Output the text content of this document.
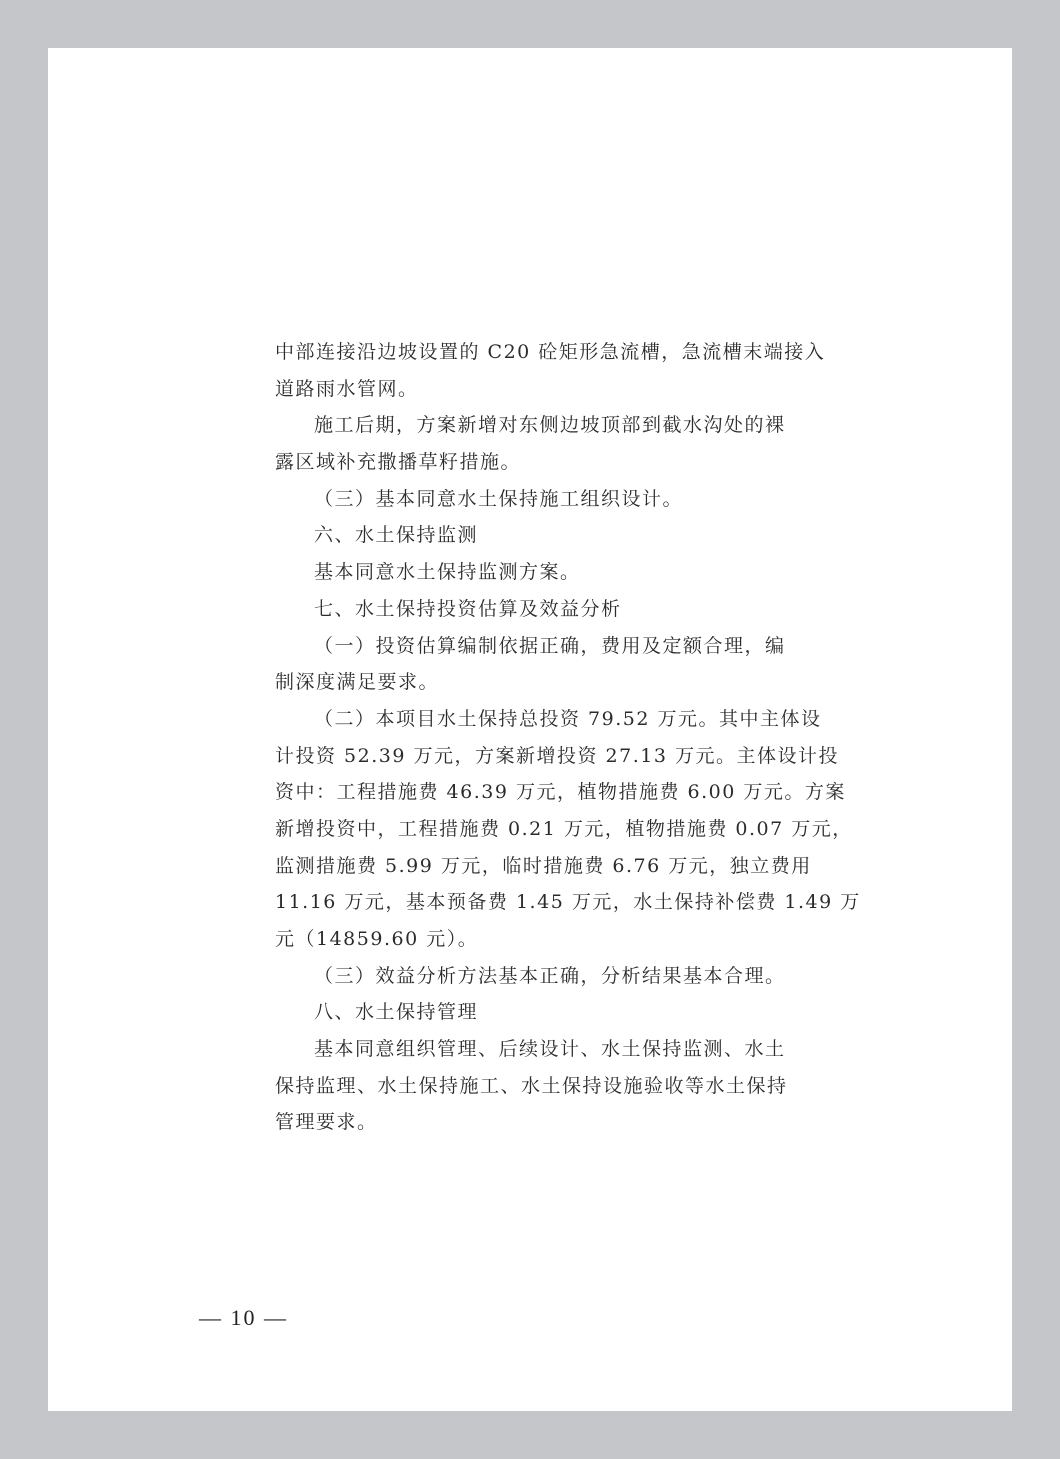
中部连接沿边坡设置的 C20 砼矩形急流槽，急流槽末端接入
道路雨水管网。
施工后期，方案新增对东侧边坡顶部到截水沟处的裸
露区域补充撒播草籽措施。
（三）基本同意水土保持施工组织设计。
六、水土保持监测
基本同意水土保持监测方案。
七、水土保持投资估算及效益分析
（一）投资估算编制依据正确，费用及定额合理，编
制深度满足要求。
（二）本项目水土保持总投资 79.52 万元。其中主体设
计投资 52.39 万元，方案新增投资 27.13 万元。主体设计投
资中：工程措施费 46.39 万元，植物措施费 6.00 万元。方案
新增投资中，工程措施费 0.21 万元，植物措施费 0.07 万元，
监测措施费 5.99 万元，临时措施费 6.76 万元，独立费用
11.16 万元，基本预备费 1.45 万元，水土保持补偿费 1.49 万
元（14859.60 元）。
（三）效益分析方法基本正确，分析结果基本合理。
八、水土保持管理
基本同意组织管理、后续设计、水土保持监测、水土
保持监理、水土保持施工、水土保持设施验收等水土保持
管理要求。
— 10 —
